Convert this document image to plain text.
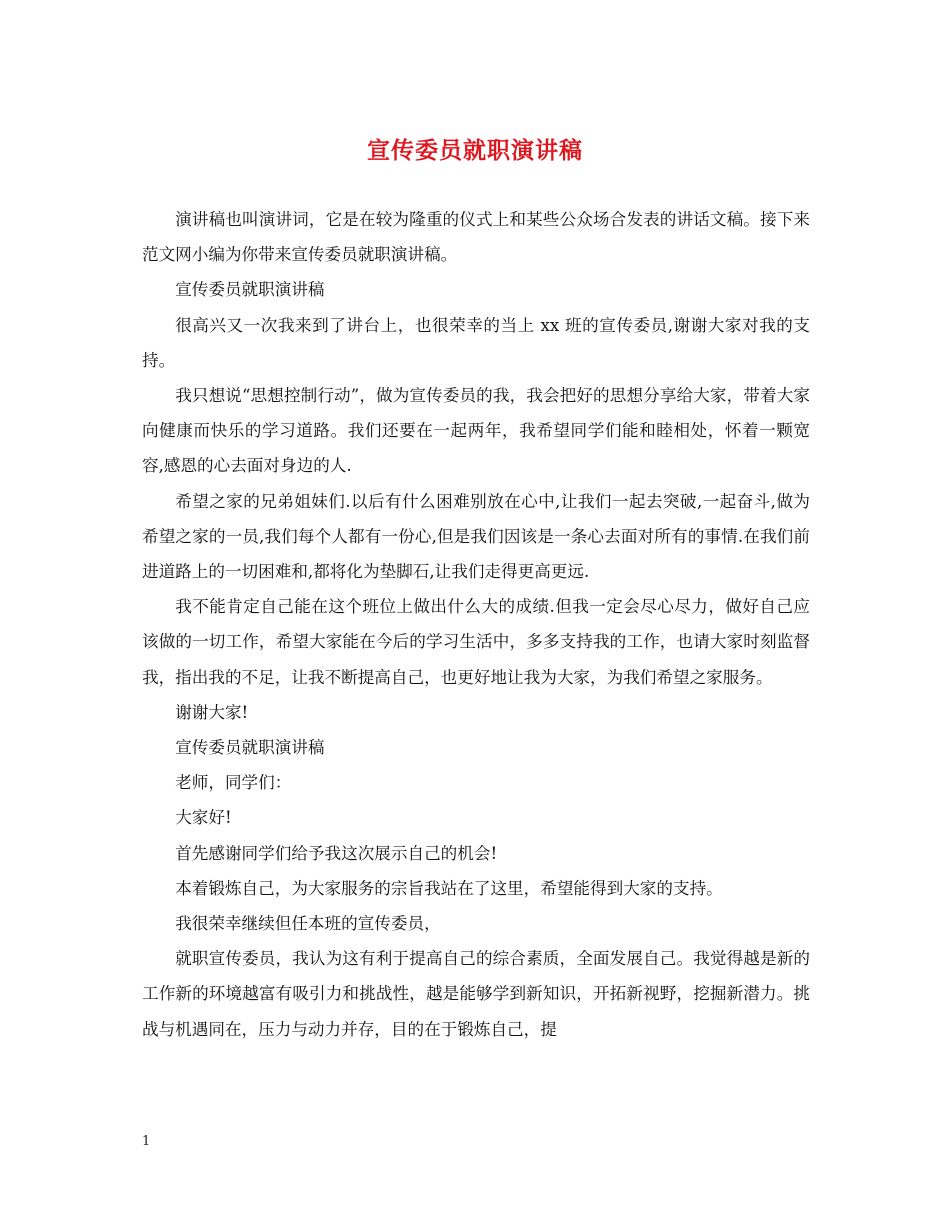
宣传委员就职演讲稿

演讲稿也叫演讲词，它是在较为隆重的仪式上和某些公众场合发表的讲话文稿。接下来范文网小编为你带来宣传委员就职演讲稿。

宣传委员就职演讲稿

很高兴又一次我来到了讲台上，也很荣幸的当上 xx 班的宣传委员,谢谢大家对我的支持。

我只想说“思想控制行动”，做为宣传委员的我，我会把好的思想分享给大家，带着大家向健康而快乐的学习道路。我们还要在一起两年，我希望同学们能和睦相处，怀着一颗宽容,感恩的心去面对身边的人.

希望之家的兄弟姐妹们.以后有什么困难别放在心中,让我们一起去突破,一起奋斗,做为希望之家的一员,我们每个人都有一份心,但是我们因该是一条心去面对所有的事情.在我们前进道路上的一切困难和,都将化为垫脚石,让我们走得更高更远.

我不能肯定自己能在这个班位上做出什么大的成绩.但我一定会尽心尽力，做好自己应该做的一切工作，希望大家能在今后的学习生活中，多多支持我的工作，也请大家时刻监督我，指出我的不足，让我不断提高自己，也更好地让我为大家，为我们希望之家服务。

谢谢大家!

宣传委员就职演讲稿

老师，同学们：

大家好!

首先感谢同学们给予我这次展示自己的机会!

本着锻炼自己，为大家服务的宗旨我站在了这里，希望能得到大家的支持。

我很荣幸继续但任本班的宣传委员，

就职宣传委员，我认为这有利于提高自己的综合素质，全面发展自己。我觉得越是新的工作新的环境越富有吸引力和挑战性，越是能够学到新知识，开拓新视野，挖掘新潜力。挑战与机遇同在，压力与动力并存，目的在于锻炼自己，提

1
